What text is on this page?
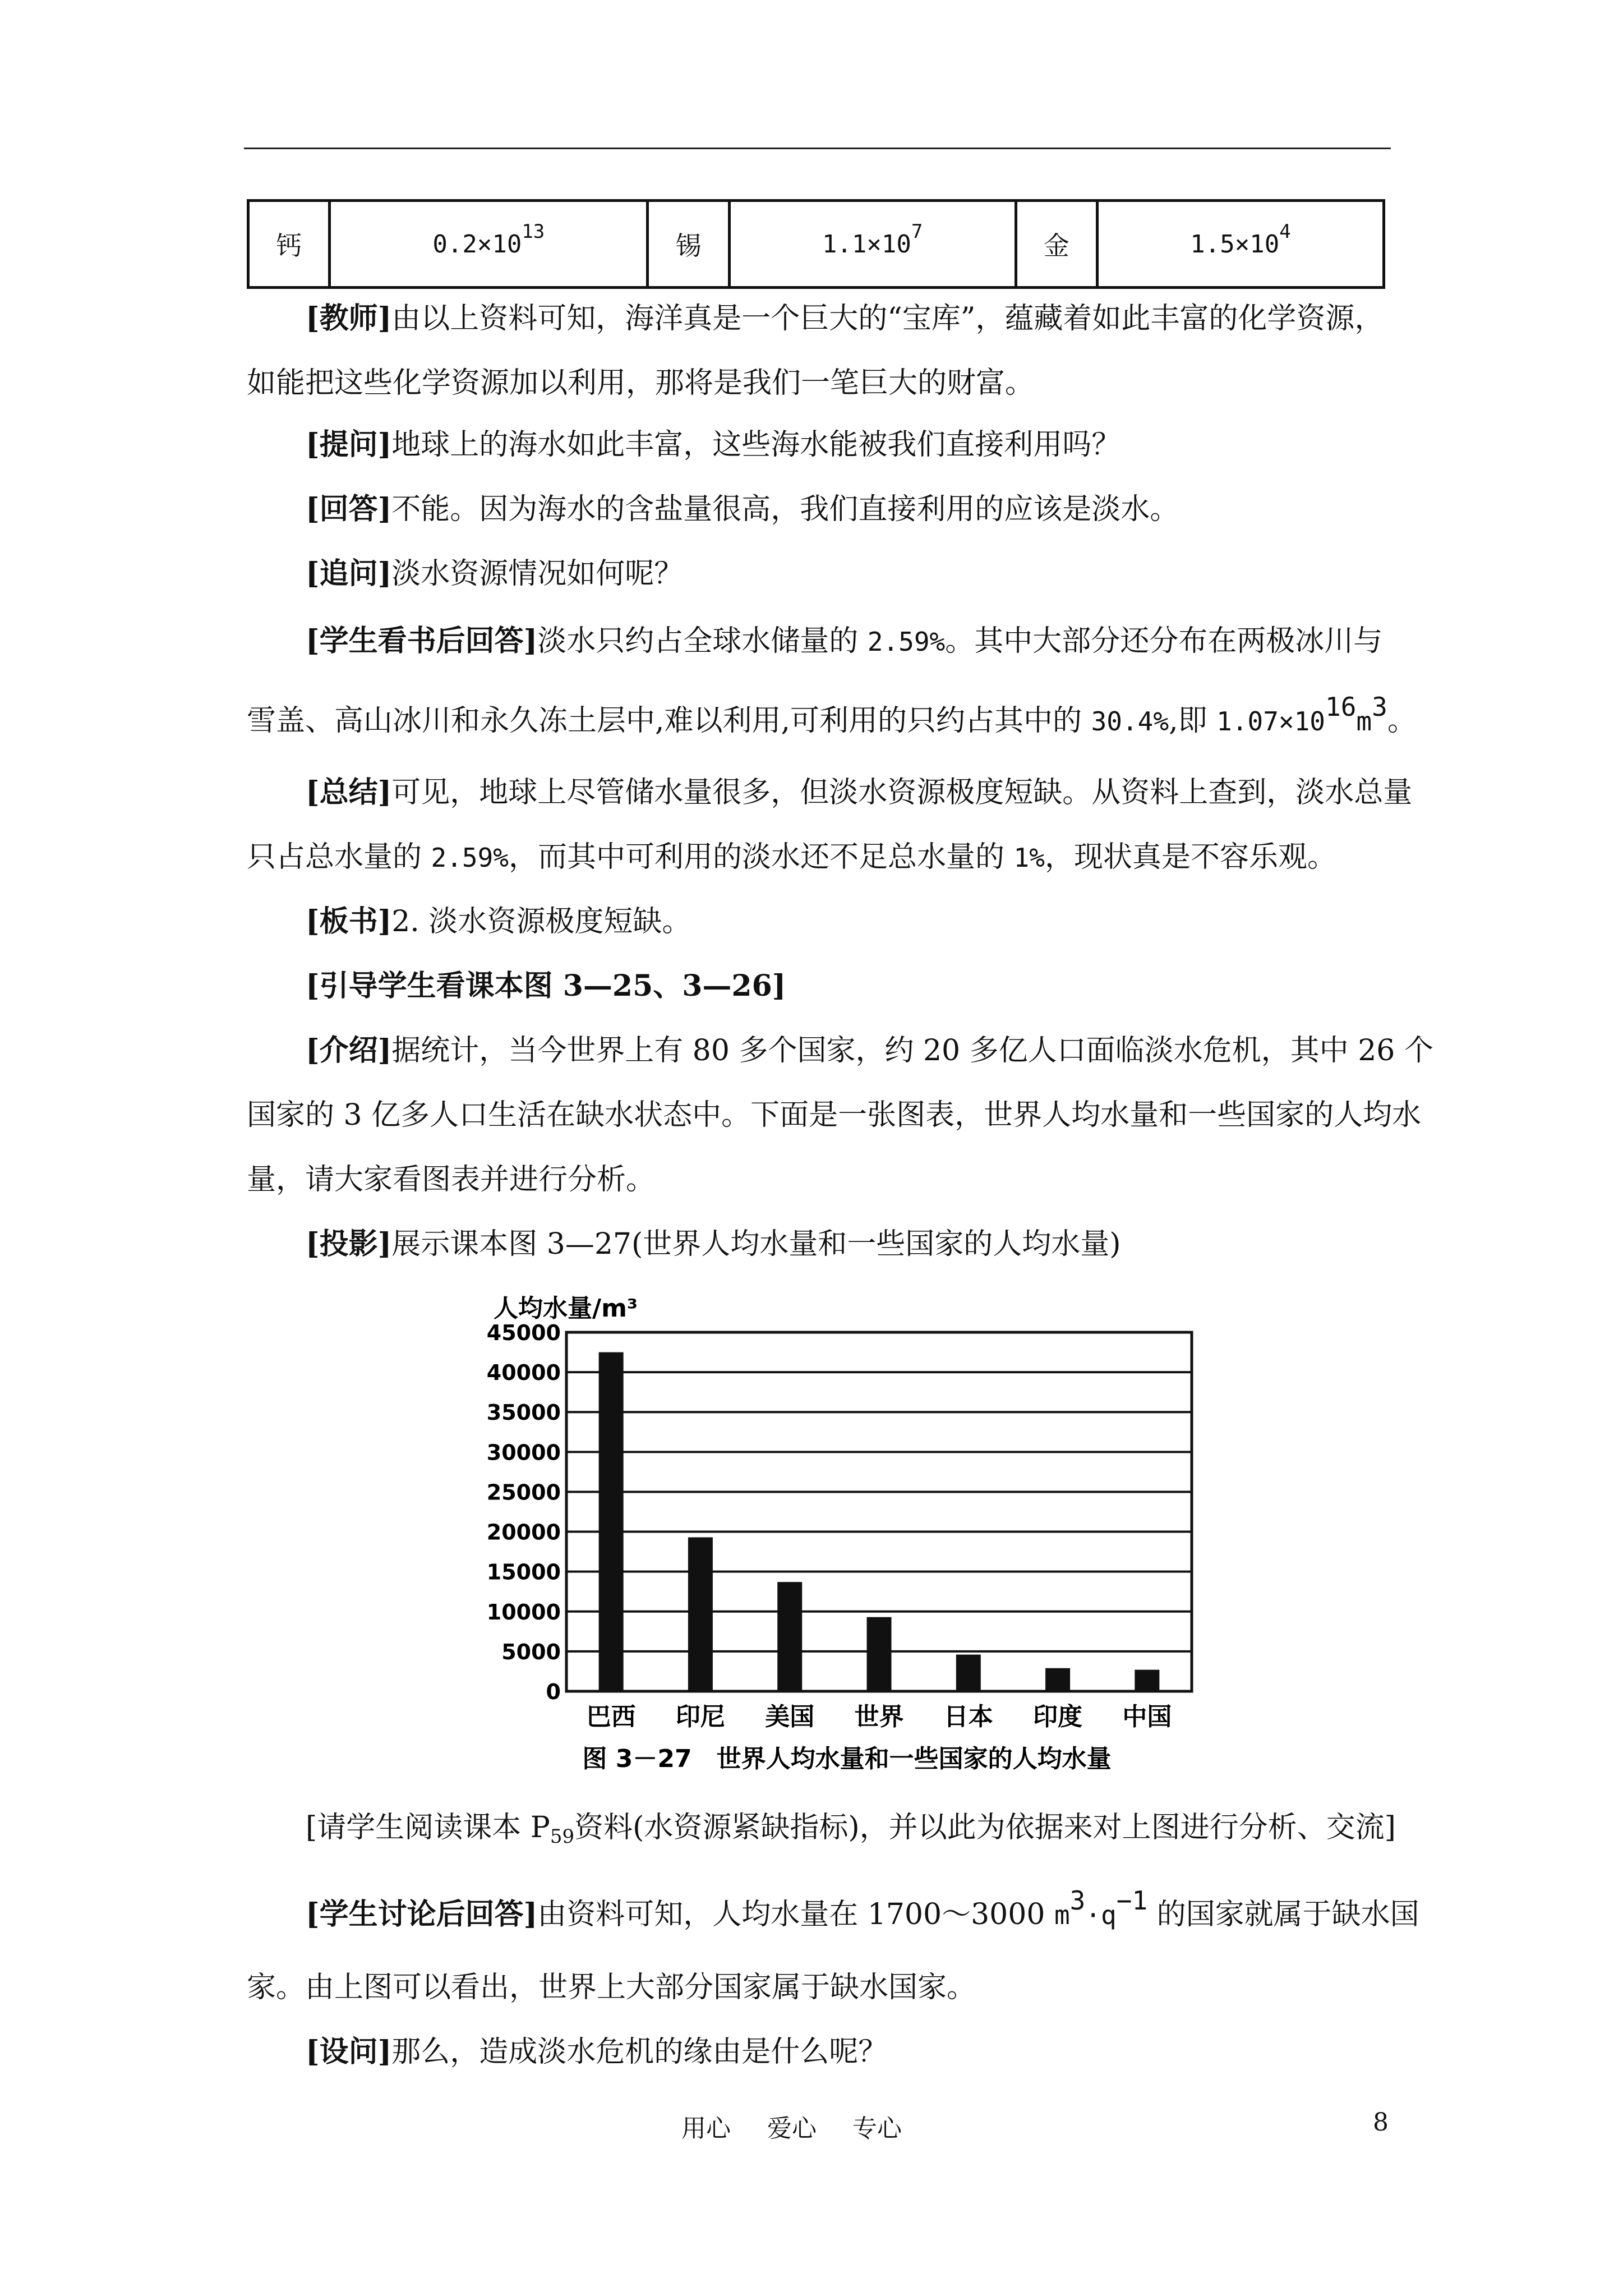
钙	$0.2\times 10^{13}$	锡	$1.1\times 10^7$	金	$1.5\times 10^4$
[教师]由以上资料可知，海洋真是一个巨大的“宝库”，蕴藏着如此丰富的化学资源，
如能把这些化学资源加以利用，那将是我们一笔巨大的财富。
[提问]地球上的海水如此丰富，这些海水能被我们直接利用吗？
[回答]不能。因为海水的含盐量很高，我们直接利用的应该是淡水。
[追问]淡水资源情况如何呢？
[学生看书后回答]淡水只约占全球水储量的 2.59%。其中大部分还分布在两极冰川与
雪盖、高山冰川和永久冻土层中,难以利用,可利用的只约占其中的 30.4%,即 $1.07\times 10^{16}m^3$。
[总结]可见，地球上尽管储水量很多，但淡水资源极度短缺。从资料上查到，淡水总量
只占总水量的 2.59%，而其中可利用的淡水还不足总水量的 1%，现状真是不容乐观。
[板书]2. 淡水资源极度短缺。
[引导学生看课本图 3—25、3—26]
[介绍]据统计，当今世界上有 80 多个国家，约 20 多亿人口面临淡水危机，其中 26 个
国家的 3 亿多人口生活在缺水状态中。下面是一张图表，世界人均水量和一些国家的人均水
量，请大家看图表并进行分析。
[投影]展示课本图 3—27(世界人均水量和一些国家的人均水量)
人均水量/m³
0
5000
10000
15000
20000
25000
30000
35000
40000
45000
巴西 印尼 美国 世界 日本 印度 中国
图 3－27　世界人均水量和一些国家的人均水量
[请学生阅读课本 $P_{59}$资料(水资源紧缺指标)，并以此为依据来对上图进行分析、交流]
[学生讨论后回答]由资料可知，人均水量在 1700～3000 $m^3\cdot q^{-1}$ 的国家就属于缺水国
家。由上图可以看出，世界上大部分国家属于缺水国家。
[设问]那么，造成淡水危机的缘由是什么呢？
用心 爱心 专心	8
